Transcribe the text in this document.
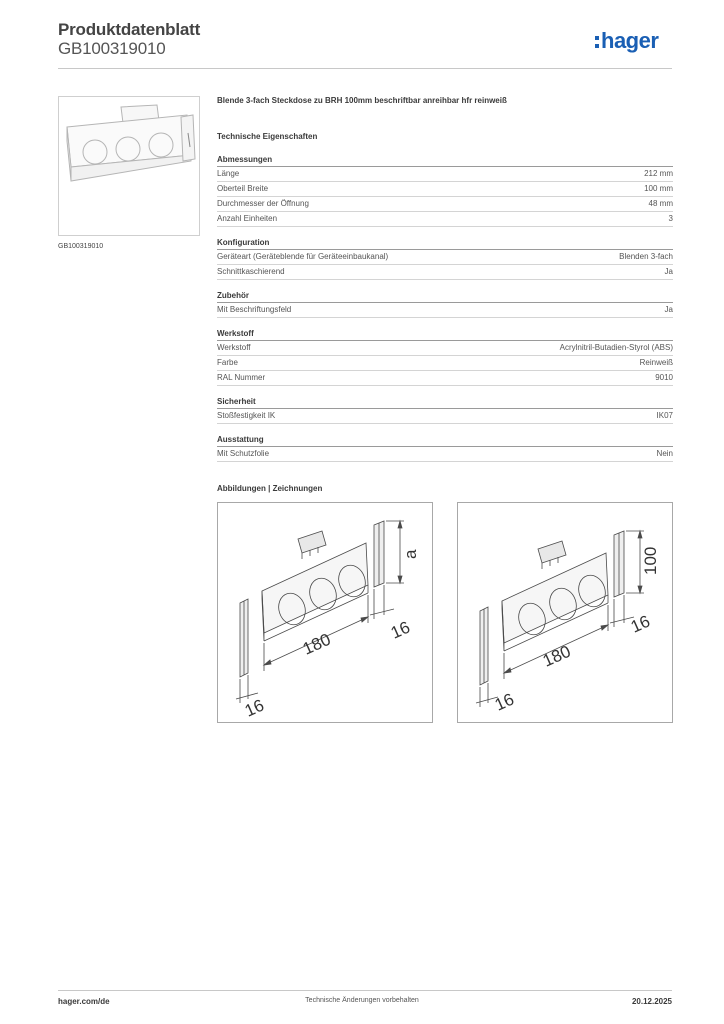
Produktdatenblatt
GB100319010	hager
GB100319010
Blende 3-fach Steckdose zu BRH 100mm beschriftbar anreihbar hfr reinweiß
Technische Eigenschaften
Abmessungen
Länge	212 mm
Oberteil Breite	100 mm
Durchmesser der Öffnung	48 mm
Anzahl Einheiten	3
Konfiguration
Geräteart (Geräteblende für Geräteeinbaukanal)	Blenden 3-fach
Schnittkaschierend	Ja
Zubehör
Mit Beschriftungsfeld	Ja
Werkstoff
Werkstoff	Acrylnitril-Butadien-Styrol (ABS)
Farbe	Reinweiß
RAL Nummer	9010
Sicherheit
Stoßfestigkeit IK	IK07
Ausstattung
Mit Schutzfolie	Nein
Abbildungen | Zeichnungen
180
16
16
a
180
16
16
100
hager.com/de	Technische Änderungen vorbehalten	20.12.2025
